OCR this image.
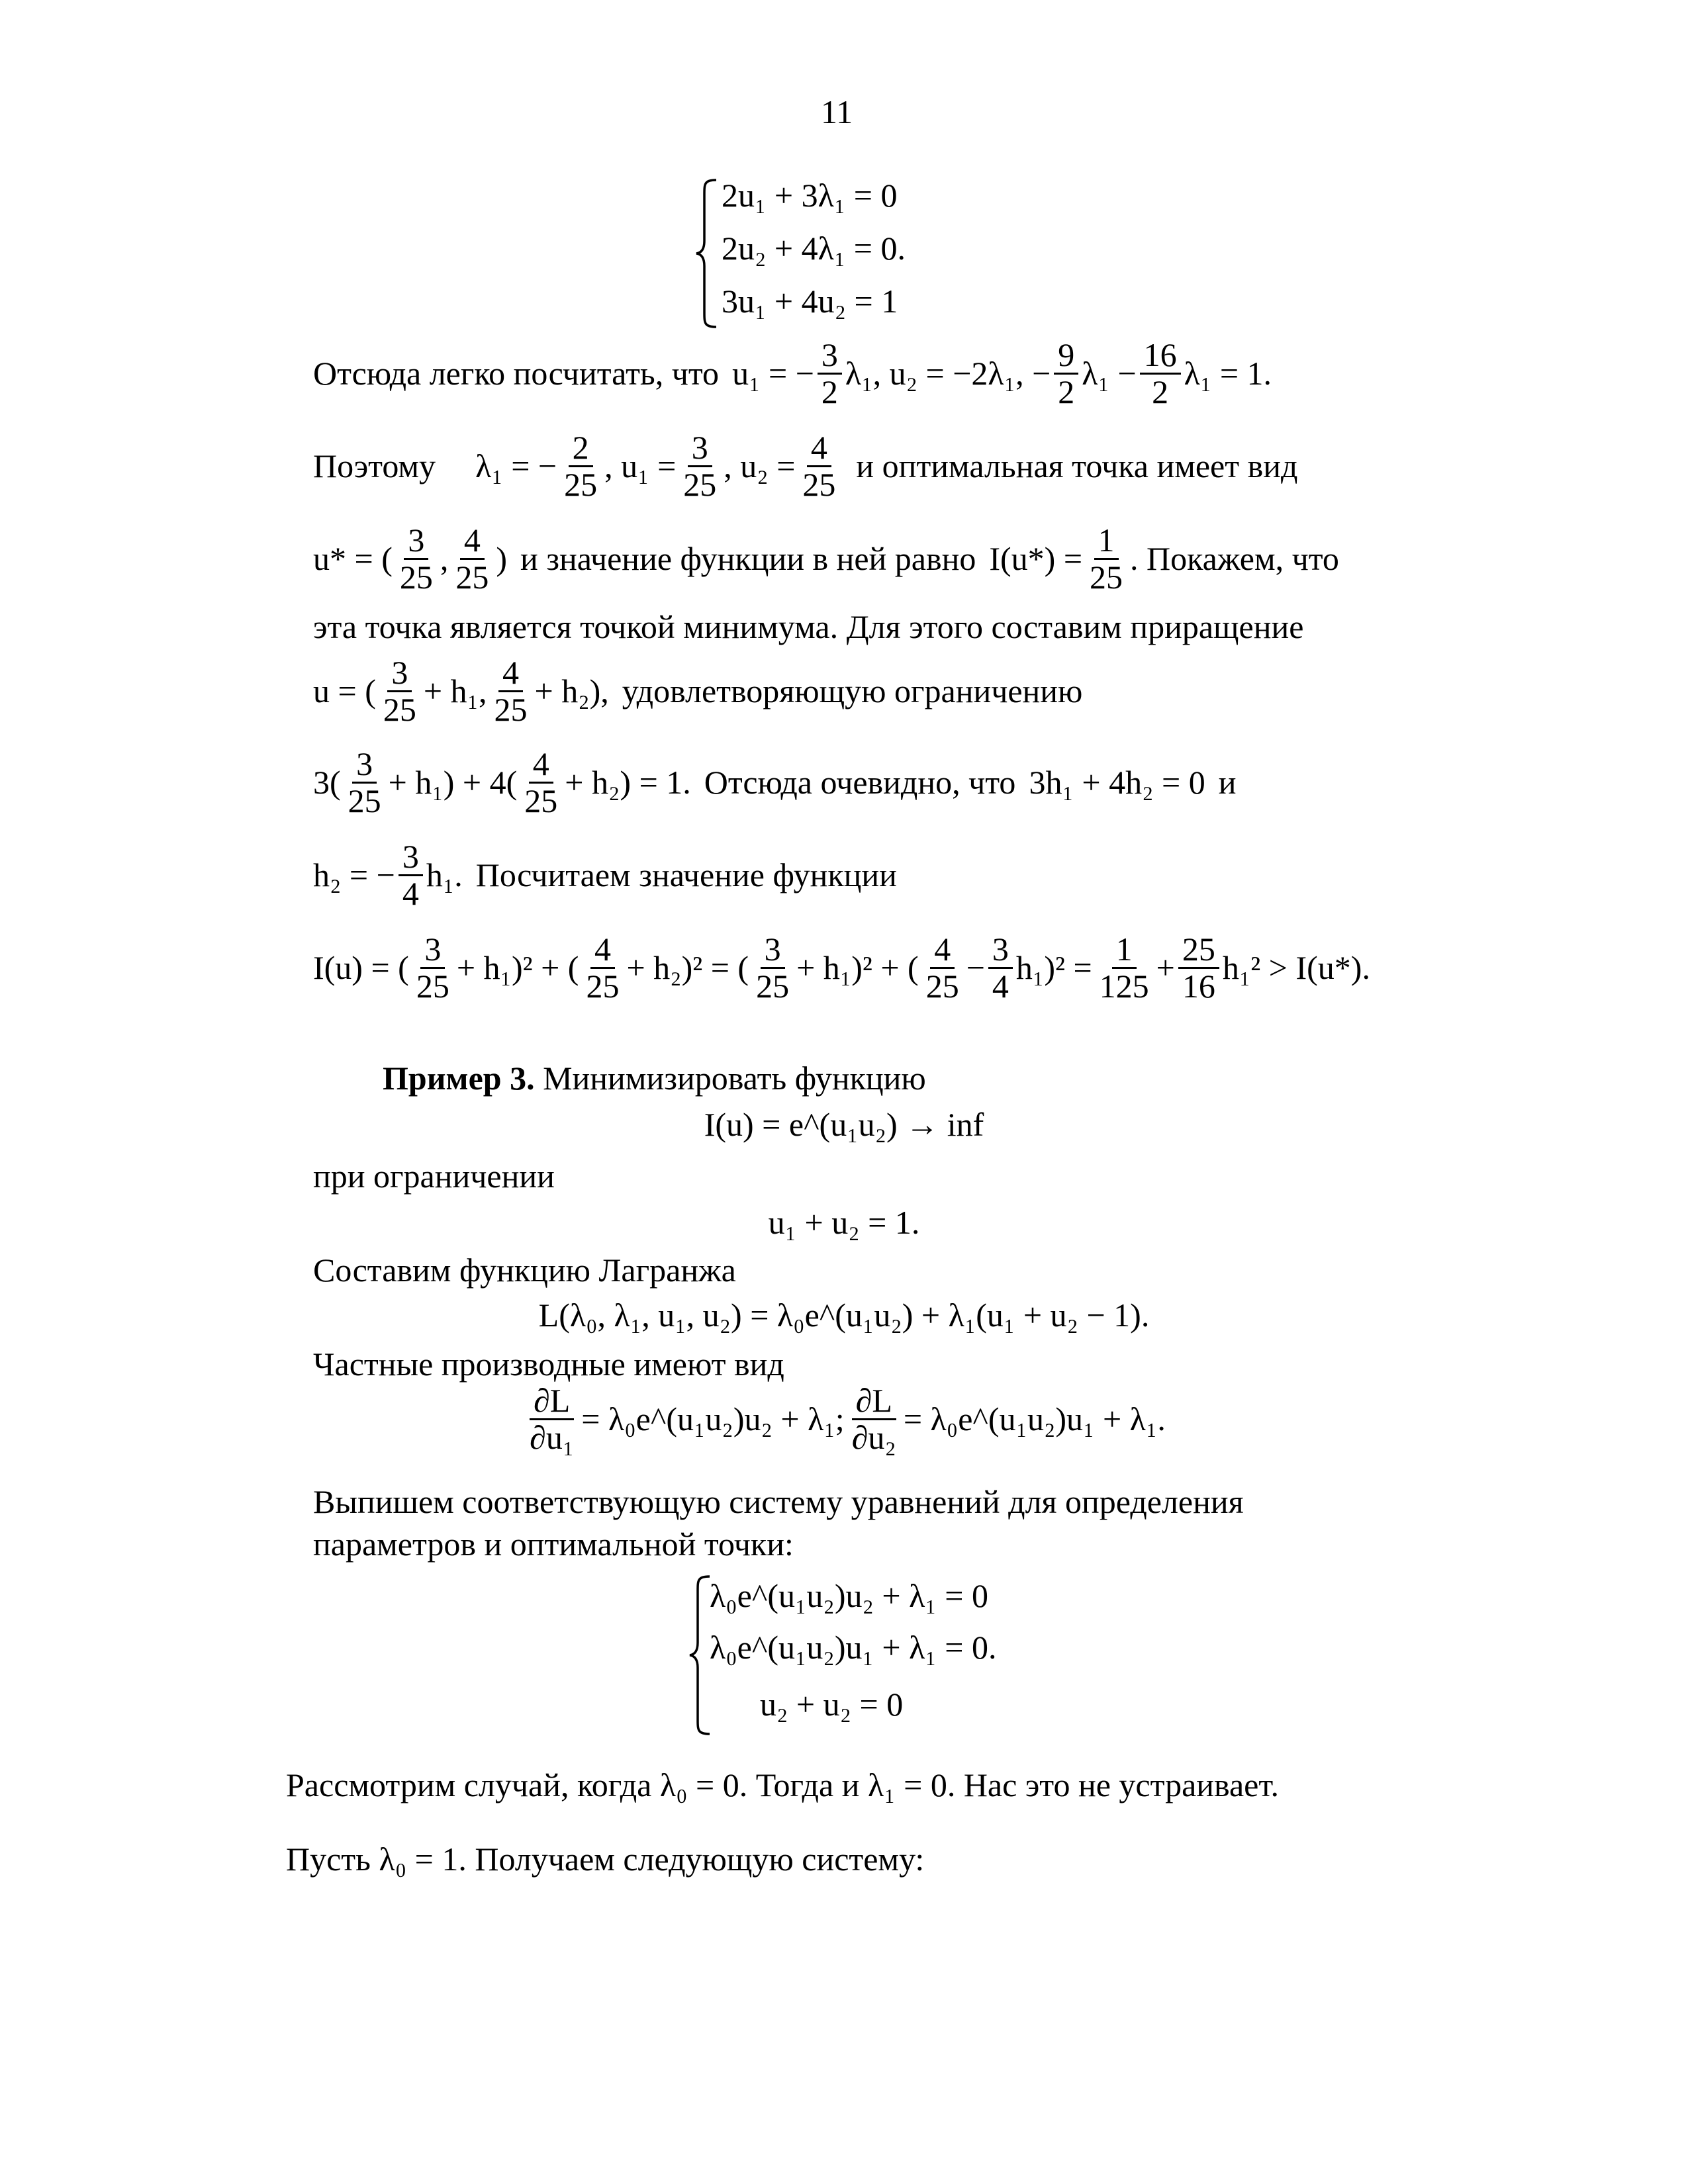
11
2u₁ + 3λ₁ = 0
2u₂ + 4λ₁ = 0.
3u₁ + 4u₂ = 1
Отсюда легко посчитать, что u₁ = − $\frac{3}{2} \lambda_1$, u₂ = −2λ₁, − $\frac{9}{2} \lambda_1 - \frac{16}{2} \lambda_1 = 1$.
Поэтому λ₁ = − $\frac{2}{25}$ , $u_1 = \frac{3}{25}$ , $u_2 = \frac{4}{25}$ и оптимальная точка имеет вид
u* = ( 3
25 , 4
25 ) и значение функции в ней равно $I(u*) = \frac{1}{25}$ . Покажем, что
эта точка является точкой минимума. Для этого составим приращение
u = ( 3
25 + h₁, 4
25 + h₂), удовлетворяющую ограничению
3( 3
25 + h₁) + 4( 4
25 + h₂) = 1. Отсюда очевидно, что 3h₁ + 4h₂ = 0 и
h₂ = − $\frac{3}{4} h_1$. Посчитаем значение функции
I(u) = ( 3
25 + h₁)² + ( 4
25 + h₂)² = ( 3
25 + h₁)² + ( 4
$25 - \frac{3}{4} h_1)^2 = \frac{1}{125} + \frac{25}{16} h_1^2 > I(u*)$.
Пример 3. Минимизировать функцию
I(u) = e^(u₁u₂) → inf
при ограничении
u₁ + u₂ = 1.
Составим функцию Лагранжа
L(λ₀, λ₁, u₁, u₂) = λ₀e^(u₁u₂) + λ₁(u₁ + u₂ − 1).
Частные производные имеют вид
$\frac{\partial L}{\text{∂u₁}}$ = λ₀e^(u₁u₂)u₂ + λ₁; $\frac{\partial L}{\text{∂u₂}}$ = λ₀e^(u₁u₂)u₁ + λ₁.
Выпишем соответствующую систему уравнений для определения
параметров и оптимальной точки:
λ₀e^(u₁u₂)u₂ + λ₁ = 0
λ₀e^(u₁u₂)u₁ + λ₁ = 0.
u₂ + u₂ = 0
Рассмотрим случай, когда λ₀ = 0. Тогда и λ₁ = 0. Нас это не устраивает.
Пусть λ₀ = 1. Получаем следующую систему:
